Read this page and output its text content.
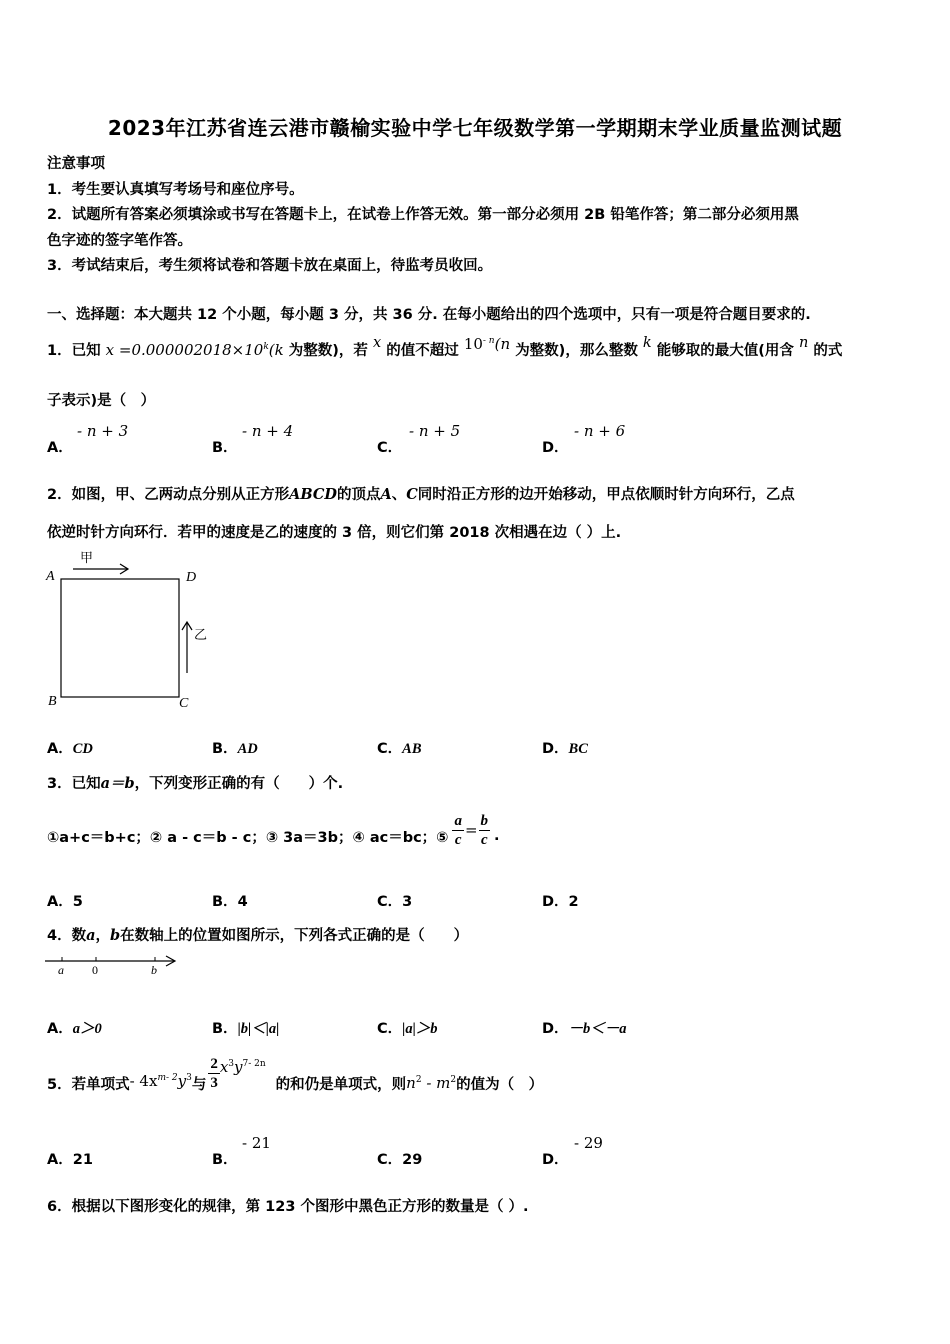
2023年江苏省连云港市赣榆实验中学七年级数学第一学期期末学业质量监测试题
注意事项
1．考生要认真填写考场号和座位序号。
2．试题所有答案必须填涂或书写在答题卡上，在试卷上作答无效。第一部分必须用 2B 铅笔作答；第二部分必须用黑
色字迹的签字笔作答。
3．考试结束后，考生须将试卷和答题卡放在桌面上，待监考员收回。
一、选择题：本大题共 12 个小题，每小题 3 分，共 36 分. 在每小题给出的四个选项中，只有一项是符合题目要求的.
1．已知 $x =0.000002018\times 10^k(k$ 为整数)，若 x 的值不超过 $10^{- n}(n$ 为整数)，那么整数 k 能够取的最大值(用含 n 的式
子表示)是（　）
A．
- n + 3
B．
- n + 4
C．
- n + 5
D．
- n + 6
2．如图，甲、乙两动点分别从正方形ABCD的顶点A、C同时沿正方形的边开始移动，甲点依顺时针方向环行，乙点
依逆时针方向环行．若甲的速度是乙的速度的 3 倍，则它们第 2018 次相遇在边（ ）上.
A
B	C
D
甲
乙
A．CD	B．AD	C．AB	D．BC
3．已知a＝b，下列变形正确的有（　　）个.
①a+c＝b+c；② a - c＝b - c；③ 3a＝3b；④ ac＝bc；⑤ $\frac{a}{c} = \frac{b}{c}$ .
A．5	B．4	C．3	D．2
4．数a，b在数轴上的位置如图所示，下列各式正确的是（　　）
a 0	b
A．a＞0	B．|b|＜|a|	C．|a|＞b	D．－b＜－a
5．若单项式 - $4x^{m- 2}y^3$ 与 $\frac{2}{3} x^3y^{7- 2n}$
的和仍是单项式，则 $n^2 - m^2$ 的值为（　）
A．21	B．
- 21
C．29	D．
- 29
6．根据以下图形变化的规律，第 123 个图形中黑色正方形的数量是（ ）.
